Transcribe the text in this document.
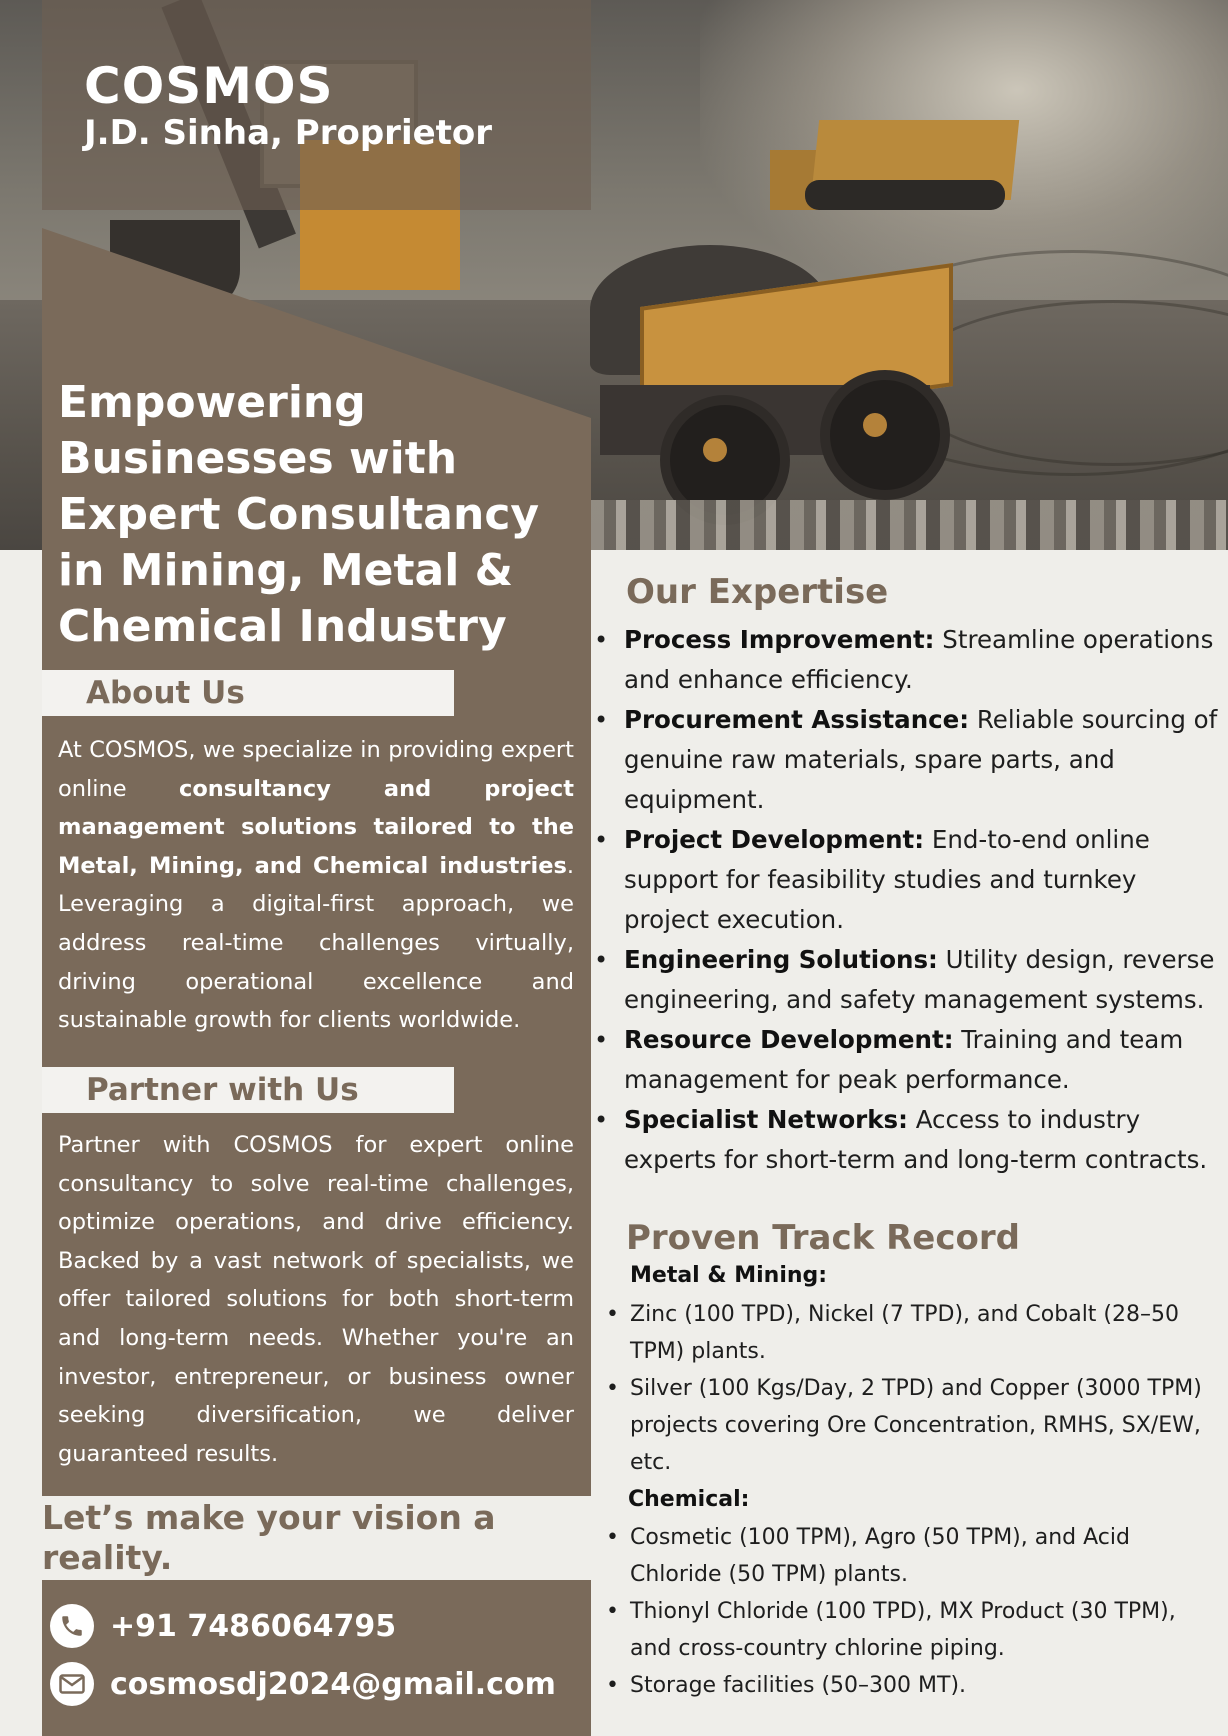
COSMOS
J.D. Sinha, Proprietor
Empowering Businesses with Expert Consultancy in Mining, Metal & Chemical Industry
About Us
At COSMOS, we specialize in providing expert online consultancy and project management solutions tailored to the Metal, Mining, and Chemical industries. Leveraging a digital-first approach, we address real-time challenges virtually, driving operational excellence and sustainable growth for clients worldwide.
Partner with Us
Partner with COSMOS for expert online consultancy to solve real-time challenges, optimize operations, and drive efficiency. Backed by a vast network of specialists, we offer tailored solutions for both short-term and long-term needs. Whether you're an investor, entrepreneur, or business owner seeking diversification, we deliver guaranteed results.
Let’s make your vision a reality.
+91 7486064795
cosmosdj2024@gmail.com
Our Expertise
• Process Improvement: Streamline operations and enhance efficiency.
• Procurement Assistance: Reliable sourcing of genuine raw materials, spare parts, and equipment.
• Project Development: End-to-end online support for feasibility studies and turnkey project execution.
• Engineering Solutions: Utility design, reverse engineering, and safety management systems.
• Resource Development: Training and team management for peak performance.
• Specialist Networks: Access to industry experts for short-term and long-term contracts.
Proven Track Record
Metal & Mining:
• Zinc (100 TPD), Nickel (7 TPD), and Cobalt (28–50 TPM) plants.
• Silver (100 Kgs/Day, 2 TPD) and Copper (3000 TPM) projects covering Ore Concentration, RMHS, SX/EW, etc.
Chemical:
• Cosmetic (100 TPM), Agro (50 TPM), and Acid Chloride (50 TPM) plants.
• Thionyl Chloride (100 TPD), MX Product (30 TPM), and cross-country chlorine piping.
• Storage facilities (50–300 MT).
